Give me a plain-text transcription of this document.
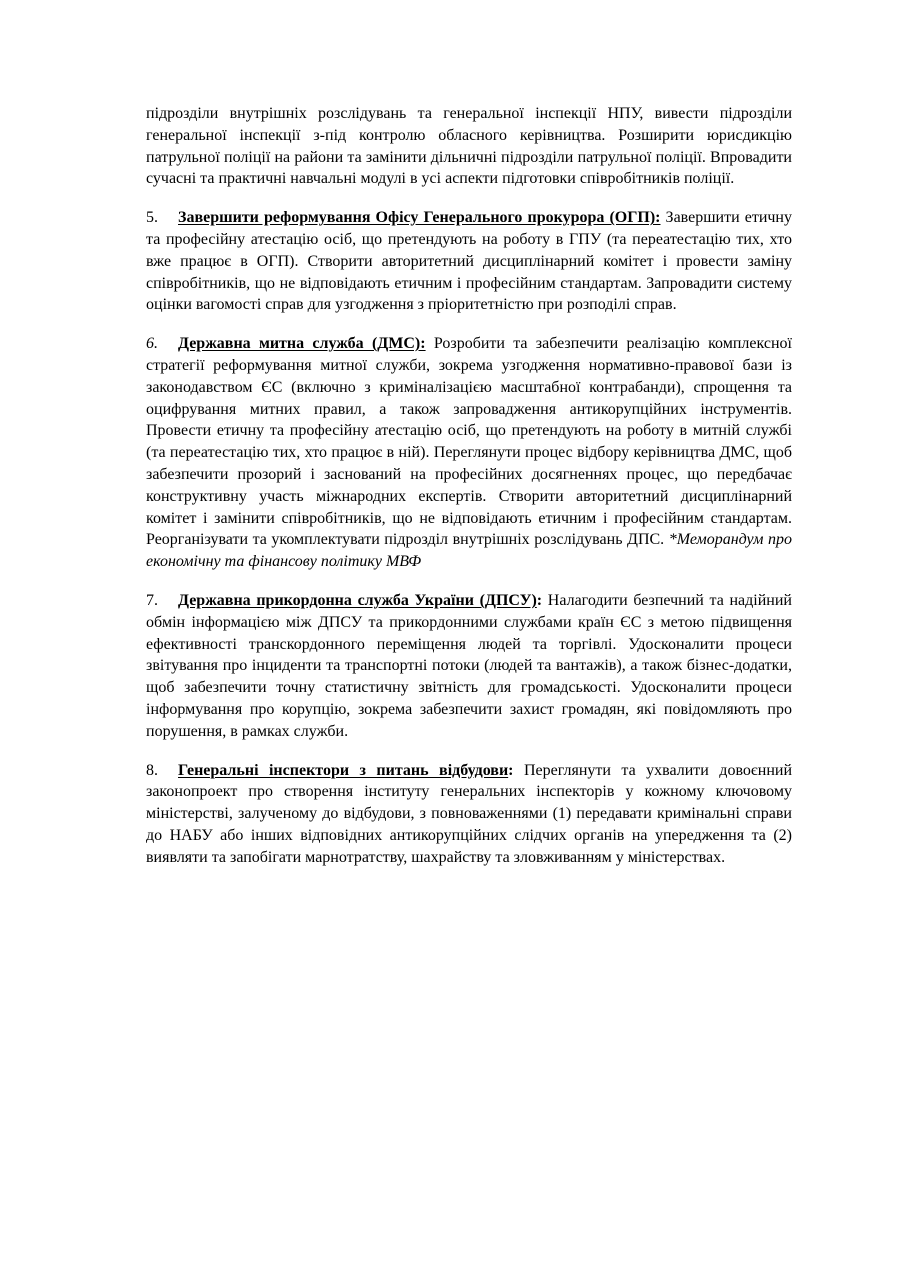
підрозділи внутрішніх розслідувань та генеральної інспекції НПУ, вивести підрозділи генеральної інспекції з-під контролю обласного керівництва. Розширити юрисдикцію патрульної поліції на райони та замінити дільничні підрозділи патрульної поліції. Впровадити сучасні та практичні навчальні модулі в усі аспекти підготовки співробітників поліції.

5. Завершити реформування Офісу Генерального прокурора (ОГП): Завершити етичну та професійну атестацію осіб, що претендують на роботу в ГПУ (та переатестацію тих, хто вже працює в ОГП). Створити авторитетний дисциплінарний комітет і провести заміну співробітників, що не відповідають етичним і професійним стандартам. Запровадити систему оцінки вагомості справ для узгодження з пріоритетністю при розподілі справ.

6. Державна митна служба (ДМС): Розробити та забезпечити реалізацію комплексної стратегії реформування митної служби, зокрема узгодження нормативно-правової бази із законодавством ЄС (включно з криміналізацією масштабної контрабанди), спрощення та оцифрування митних правил, а також запровадження антикорупційних інструментів. Провести етичну та професійну атестацію осіб, що претендують на роботу в митній службі (та переатестацію тих, хто працює в ній). Переглянути процес відбору керівництва ДМС, щоб забезпечити прозорий і заснований на професійних досягненнях процес, що передбачає конструктивну участь міжнародних експертів. Створити авторитетний дисциплінарний комітет і замінити співробітників, що не відповідають етичним і професійним стандартам. Реорганізувати та укомплектувати підрозділ внутрішніх розслідувань ДПС. *Меморандум про економічну та фінансову політику МВФ

7. Державна прикордонна служба України (ДПСУ): Налагодити безпечний та надійний обмін інформацією між ДПСУ та прикордонними службами країн ЄС з метою підвищення ефективності транскордонного переміщення людей та торгівлі. Удосконалити процеси звітування про інциденти та транспортні потоки (людей та вантажів), а також бізнес-додатки, щоб забезпечити точну статистичну звітність для громадськості. Удосконалити процеси інформування про корупцію, зокрема забезпечити захист громадян, які повідомляють про порушення, в рамках служби.

8. Генеральні інспектори з питань відбудови: Переглянути та ухвалити довоєнний законопроект про створення інституту генеральних інспекторів у кожному ключовому міністерстві, залученому до відбудови, з повноваженнями (1) передавати кримінальні справи до НАБУ або інших відповідних антикорупційних слідчих органів на упередження та (2) виявляти та запобігати марнотратству, шахрайству та зловживанням у міністерствах.
